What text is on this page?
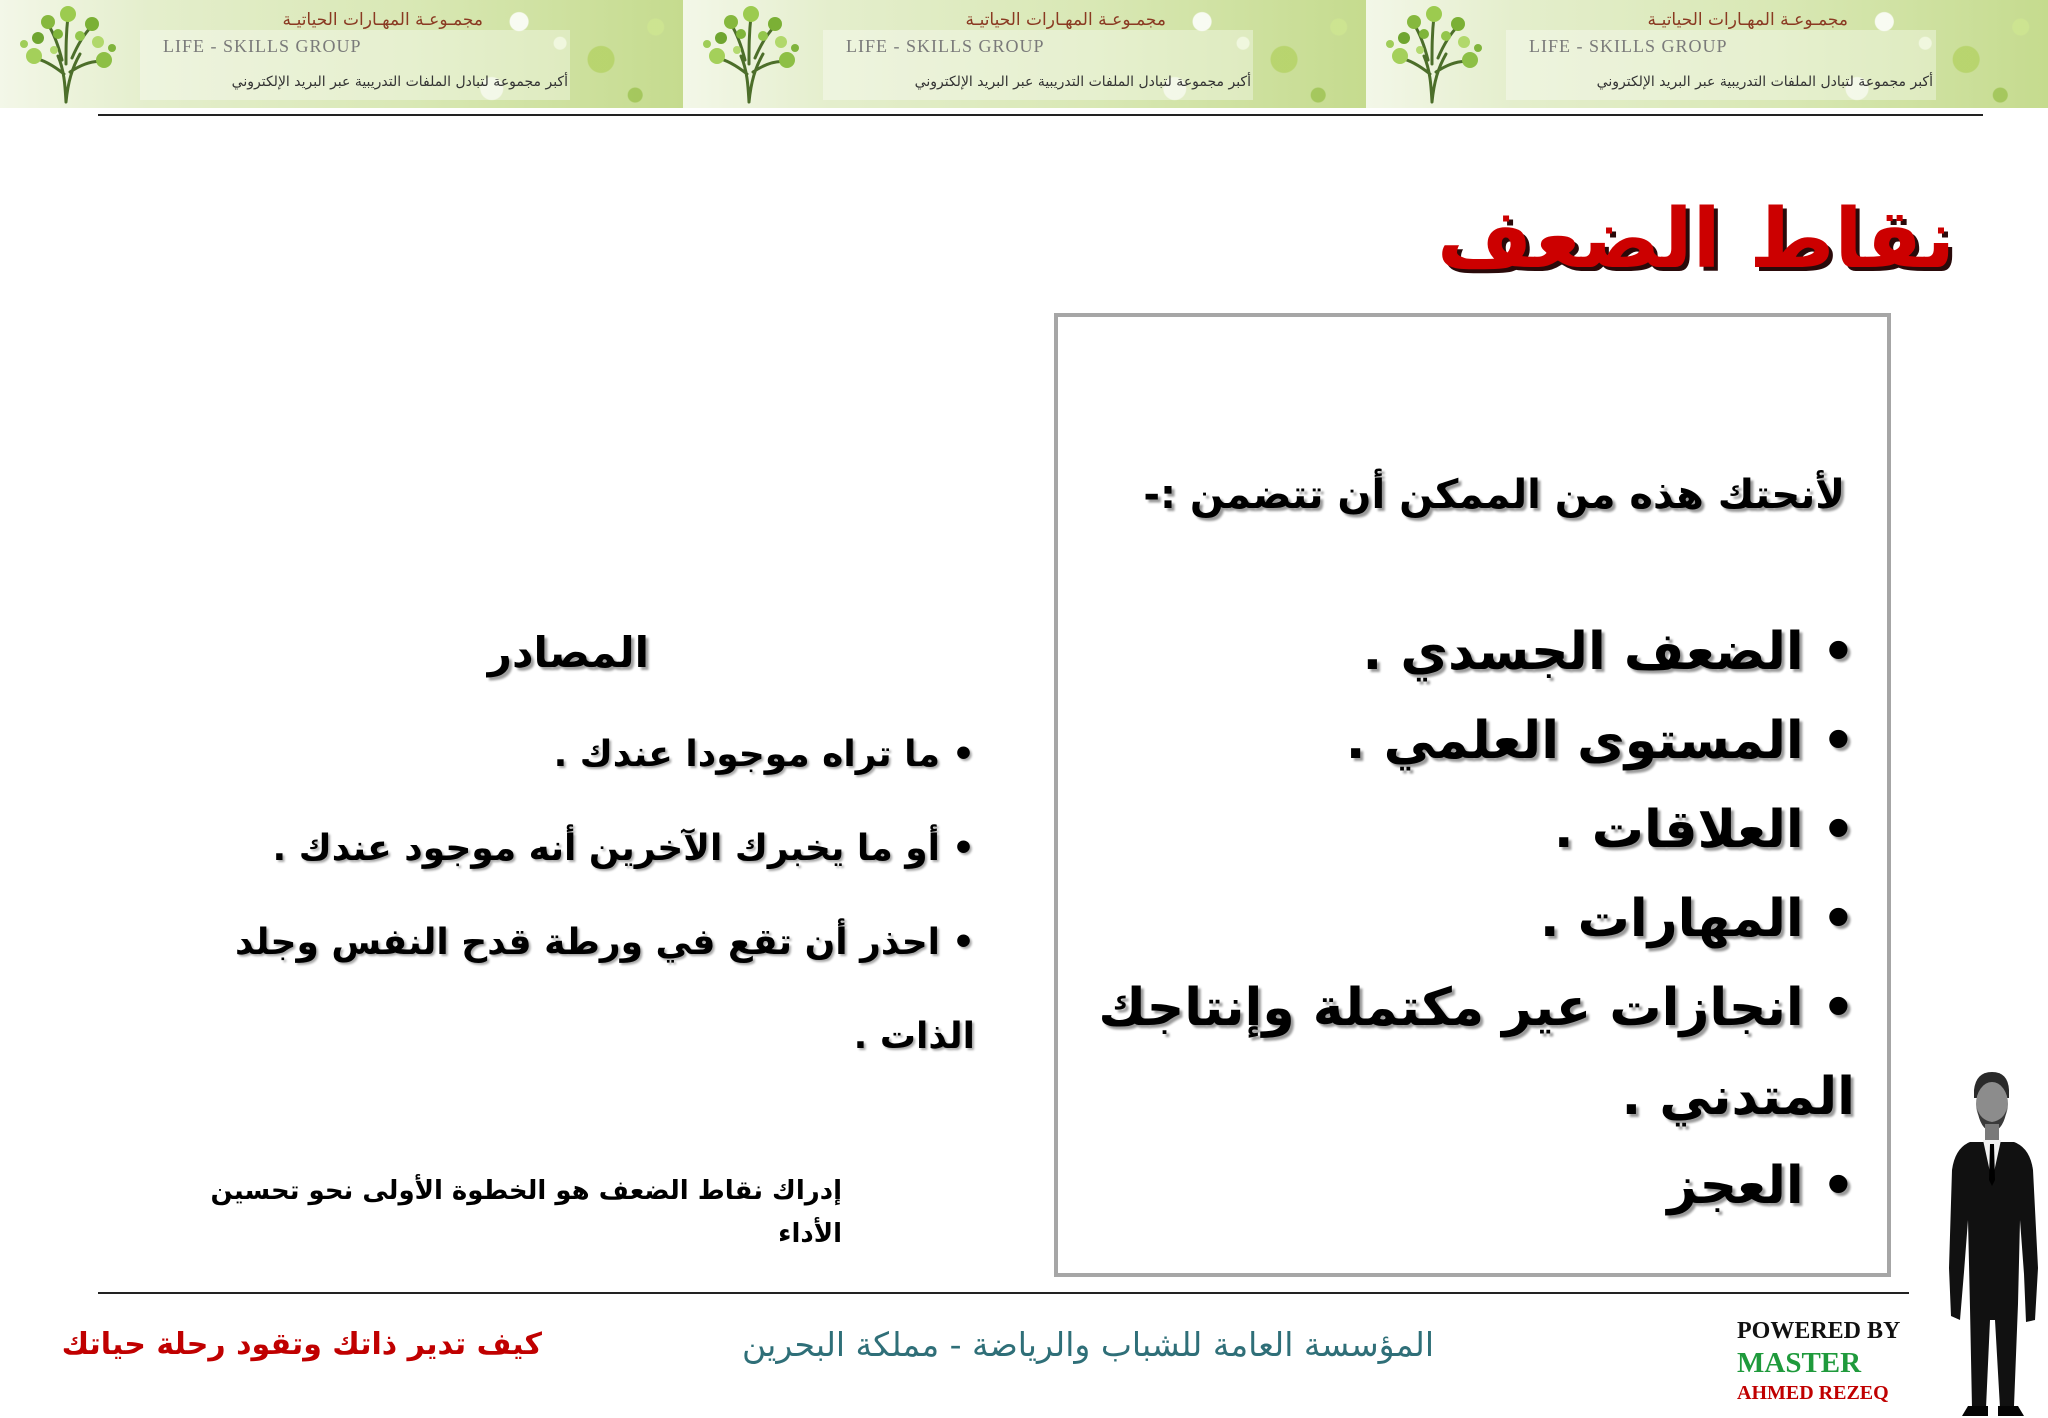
مجمـوعـة المهـارات الحياتيـة
LIFE - SKILLS GROUP
أكبر مجموعة لتبادل الملفات التدريبية عبر البريد الإلكتروني
مجمـوعـة المهـارات الحياتيـة
LIFE - SKILLS GROUP
أكبر مجموعة لتبادل الملفات التدريبية عبر البريد الإلكتروني
مجمـوعـة المهـارات الحياتيـة
LIFE - SKILLS GROUP
أكبر مجموعة لتبادل الملفات التدريبية عبر البريد الإلكتروني
نقاط الضعف
لأنحتك هذه من الممكن أن تتضمن :-
• الضعف الجسدي .
• المستوى العلمي .
• العلاقات .
• المهارات .
• انجازات عير مكتملة وإنتاجك
المتدني .
• العجز
المصادر
• ما تراه موجودا عندك .
• أو ما يخبرك الآخرين أنه موجود عندك .
• احذر أن تقع في ورطة قدح النفس وجلد
الذات .
إدراك نقاط الضعف هو الخطوة الأولى نحو تحسين
الأداء
كيف تدير ذاتك وتقود رحلة حياتك	المؤسسة العامة للشباب والرياضة - مملكة البحرين	POWERED BY
MASTER
AHMED REZEQ
